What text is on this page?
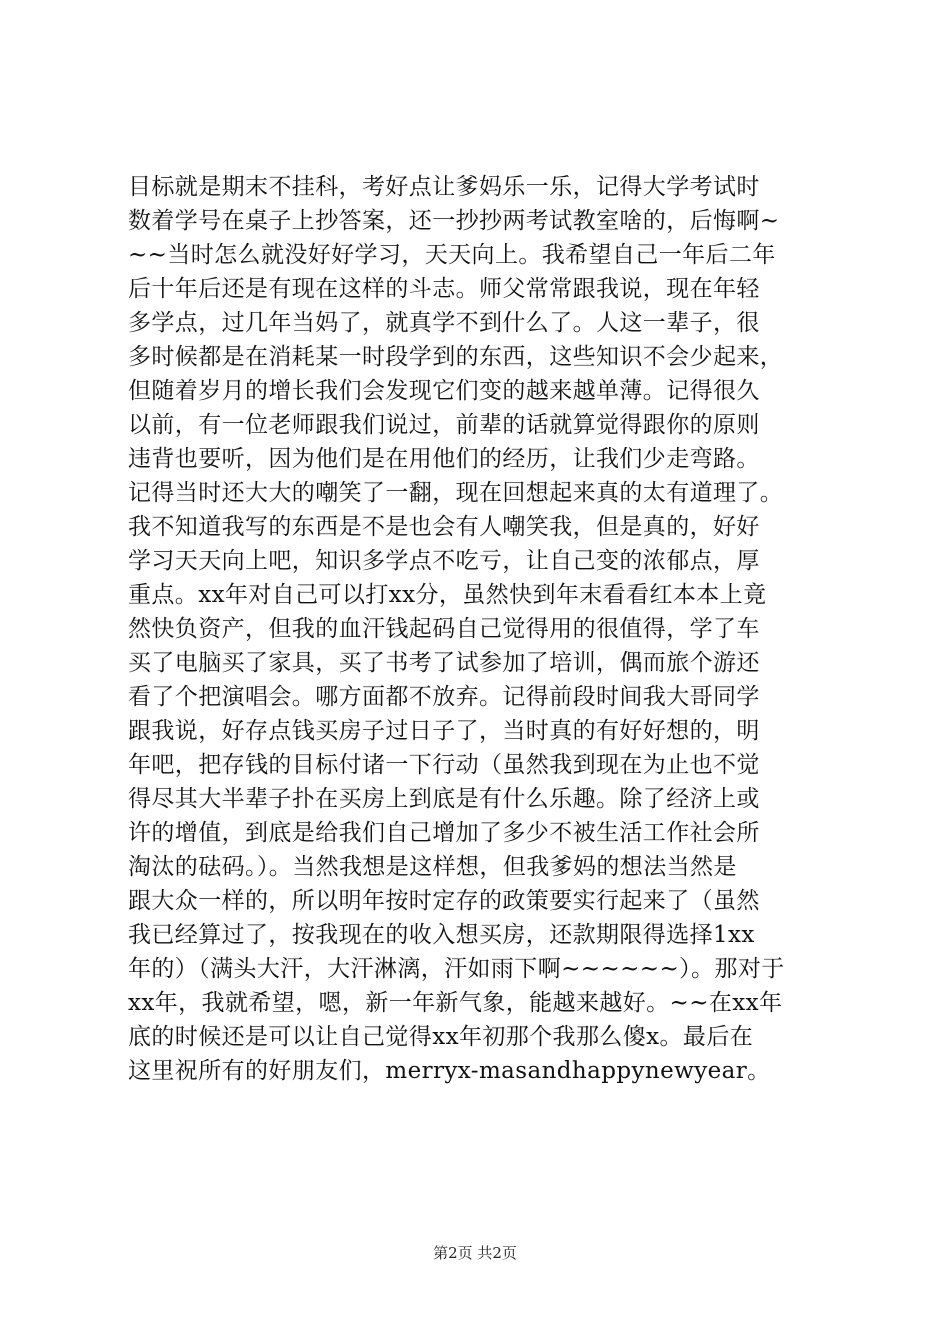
目标就是期末不挂科，考好点让爹妈乐一乐，记得大学考试时
数着学号在桌子上抄答案，还一抄抄两考试教室啥的，后悔啊~
~~当时怎么就没好好学习，天天向上。我希望自己一年后二年
后十年后还是有现在这样的斗志。师父常常跟我说，现在年轻
多学点，过几年当妈了，就真学不到什么了。人这一辈子，很
多时候都是在消耗某一时段学到的东西，这些知识不会少起来，
但随着岁月的增长我们会发现它们变的越来越单薄。记得很久
以前，有一位老师跟我们说过，前辈的话就算觉得跟你的原则
违背也要听，因为他们是在用他们的经历，让我们少走弯路。
记得当时还大大的嘲笑了一翻，现在回想起来真的太有道理了。
我不知道我写的东西是不是也会有人嘲笑我，但是真的，好好
学习天天向上吧，知识多学点不吃亏，让自己变的浓郁点，厚
重点。xx年对自己可以打xx分，虽然快到年末看看红本本上竟
然快负资产，但我的血汗钱起码自己觉得用的很值得，学了车
买了电脑买了家具，买了书考了试参加了培训，偶而旅个游还
看了个把演唱会。哪方面都不放弃。记得前段时间我大哥同学
跟我说，好存点钱买房子过日子了，当时真的有好好想的，明
年吧，把存钱的目标付诸一下行动（虽然我到现在为止也不觉
得尽其大半辈子扑在买房上到底是有什么乐趣。除了经济上或
许的增值，到底是给我们自己增加了多少不被生活工作社会所
淘汰的砝码。）。当然我想是这样想，但我爹妈的想法当然是
跟大众一样的，所以明年按时定存的政策要实行起来了（虽然
我已经算过了，按我现在的收入想买房，还款期限得选择1xx
年的）（满头大汗，大汗淋漓，汗如雨下啊~~~~~~）。那对于
xx年，我就希望，嗯，新一年新气象，能越来越好。~~在xx年
底的时候还是可以让自己觉得xx年初那个我那么傻x。最后在
这里祝所有的好朋友们，merryx-masandhappynewyear。
第2页 共2页
